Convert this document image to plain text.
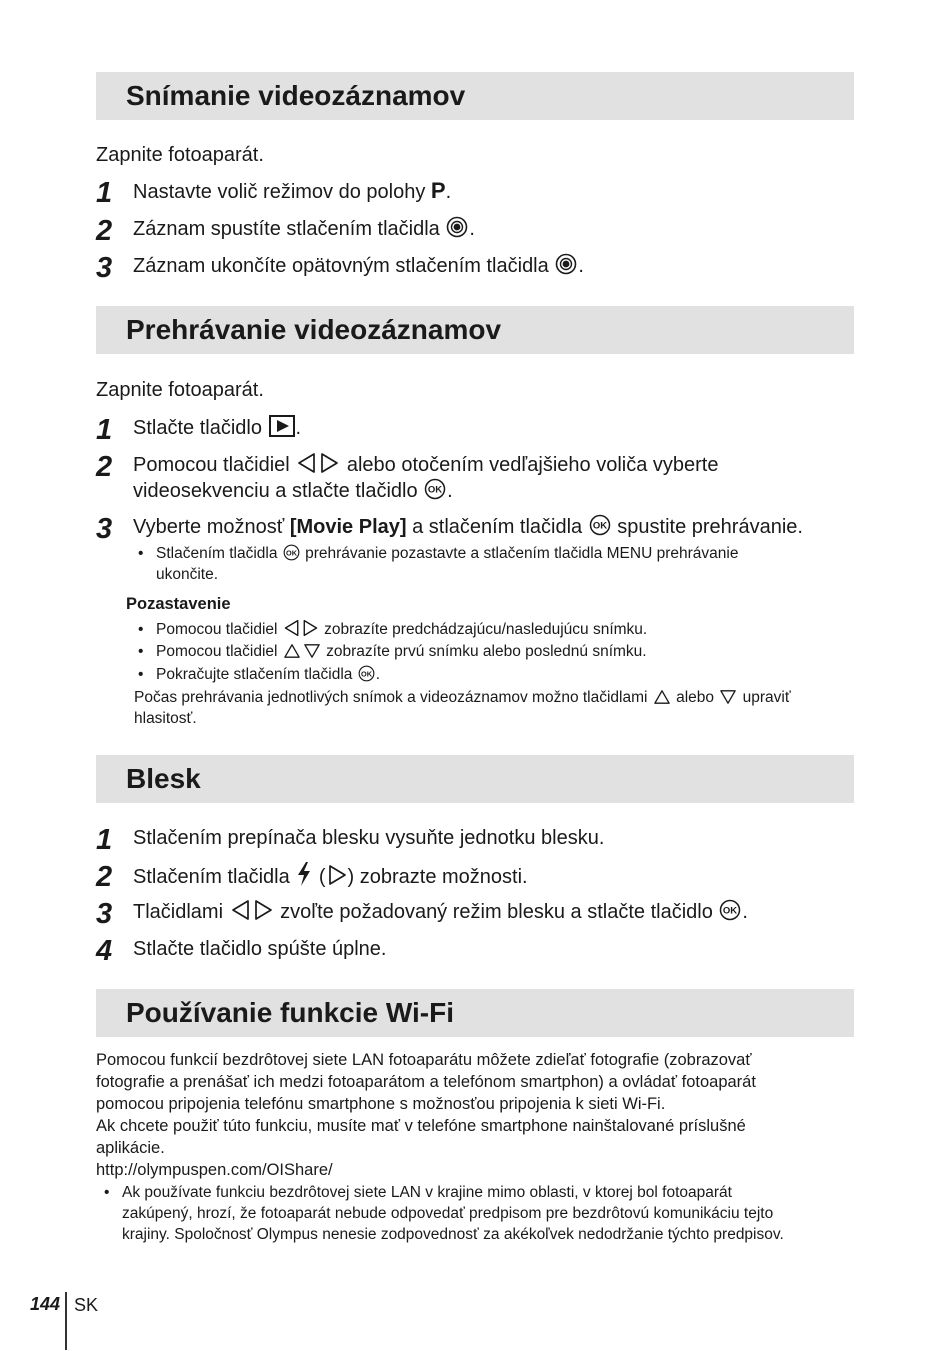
Snímanie videozáznamov
Zapnite fotoaparát.
1	Nastavte volič režimov do polohy P.
2	Záznam spustíte stlačením tlačidla
.
3	Záznam ukončíte opätovným stlačením tlačidla
.
Prehrávanie videozáznamov
Zapnite fotoaparát.
1	Stlačte tlačidlo
.
2	Pomocou tlačidiel
alebo otočením vedľajšieho voliča vyberte
videosekvenciu a stlačte tlačidlo
.
3	Vyberte možnosť [Movie Play] a stlačením tlačidla
spustite prehrávanie.
• Stlačením tlačidla
prehrávanie pozastavte a stlačením tlačidla MENU prehrávanie
ukončite.
Pozastavenie
• Pomocou tlačidiel
zobrazíte predchádzajúcu/nasledujúcu snímku.
• Pomocou tlačidiel	zobrazíte prvú snímku alebo poslednú snímku.
• Pokračujte stlačením tlačidla
.
Počas prehrávania jednotlivých snímok a videozáznamov možno tlačidlami
alebo
upraviť
hlasitosť.
Blesk
1	Stlačením prepínača blesku vysuňte jednotku blesku.
2	Stlačením tlačidla
( ) zobrazte možnosti.
3	Tlačidlami
zvoľte požadovaný režim blesku a stlačte tlačidlo
.
4	Stlačte tlačidlo spúšte úplne.
Používanie funkcie Wi-Fi
Pomocou funkcií bezdrôtovej siete LAN fotoaparátu môžete zdieľať fotografie (zobrazovať
fotografie a prenášať ich medzi fotoaparátom a telefónom smartphon) a ovládať fotoaparát
pomocou pripojenia telefónu smartphone s možnosťou pripojenia k sieti Wi-Fi.
Ak chcete použiť túto funkciu, musíte mať v telefóne smartphone nainštalované príslušné
aplikácie.
http://olympuspen.com/OIShare/
• Ak používate funkciu bezdrôtovej siete LAN v krajine mimo oblasti, v ktorej bol fotoaparát
zakúpený, hrozí, že fotoaparát nebude odpovedať predpisom pre bezdrôtovú komunikáciu tejto
krajiny. Spoločnosť Olympus nenesie zodpovednosť za akékoľvek nedodržanie týchto predpisov.
144 SK
